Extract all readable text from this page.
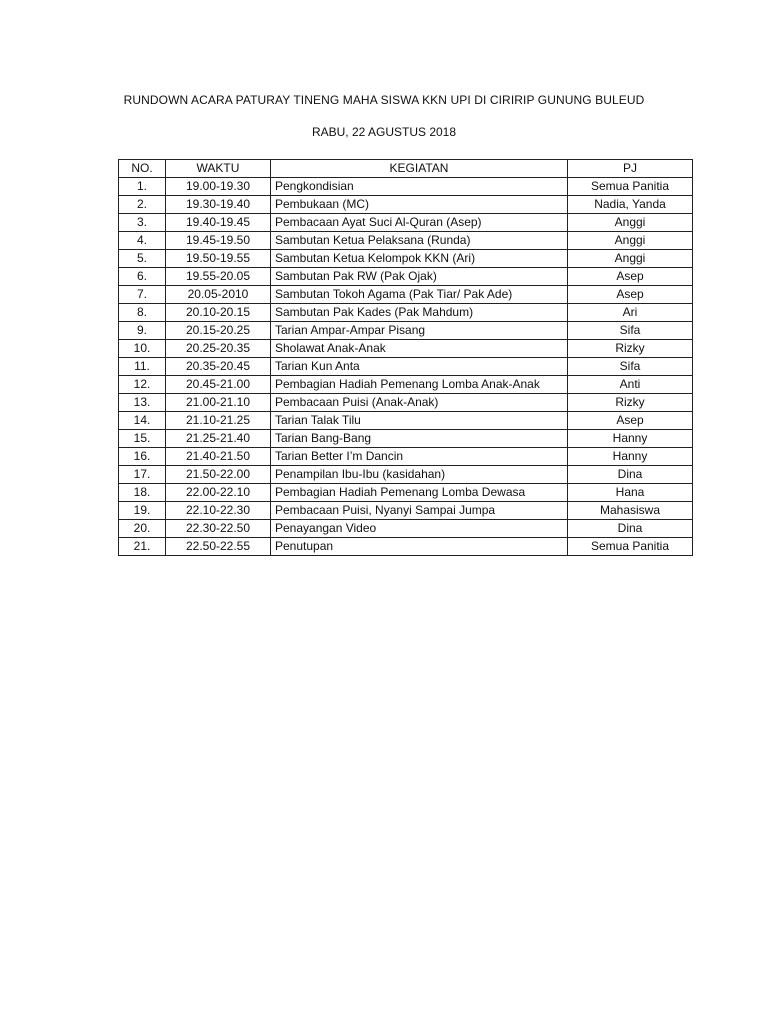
RUNDOWN ACARA PATURAY TINENG MAHA SISWA KKN UPI DI CIRIRIP GUNUNG BULEUD
RABU, 22 AGUSTUS 2018
NO.	WAKTU	KEGIATAN	PJ
1.	19.00-19.30	Pengkondisian	Semua Panitia
2.	19.30-19.40	Pembukaan (MC)	Nadia, Yanda
3.	19.40-19.45	Pembacaan Ayat Suci Al-Quran (Asep)	Anggi
4.	19.45-19.50	Sambutan Ketua Pelaksana (Runda)	Anggi
5.	19.50-19.55	Sambutan Ketua Kelompok KKN (Ari)	Anggi
6.	19.55-20.05	Sambutan Pak RW (Pak Ojak)	Asep
7.	20.05-2010	Sambutan Tokoh Agama (Pak Tiar/ Pak Ade)	Asep
8.	20.10-20.15	Sambutan Pak Kades (Pak Mahdum)	Ari
9.	20.15-20.25	Tarian Ampar-Ampar Pisang	Sifa
10.	20.25-20.35	Sholawat Anak-Anak	Rizky
11.	20.35-20.45	Tarian Kun Anta	Sifa
12.	20.45-21.00	Pembagian Hadiah Pemenang Lomba Anak-Anak	Anti
13.	21.00-21.10	Pembacaan Puisi (Anak-Anak)	Rizky
14.	21.10-21.25	Tarian Talak Tilu	Asep
15.	21.25-21.40	Tarian Bang-Bang	Hanny
16.	21.40-21.50	Tarian Better I’m Dancin	Hanny
17.	21.50-22.00	Penampilan Ibu-Ibu (kasidahan)	Dina
18.	22.00-22.10	Pembagian Hadiah Pemenang Lomba Dewasa	Hana
19.	22.10-22.30	Pembacaan Puisi, Nyanyi Sampai Jumpa	Mahasiswa
20.	22.30-22.50	Penayangan Video	Dina
21.	22.50-22.55	Penutupan	Semua Panitia
